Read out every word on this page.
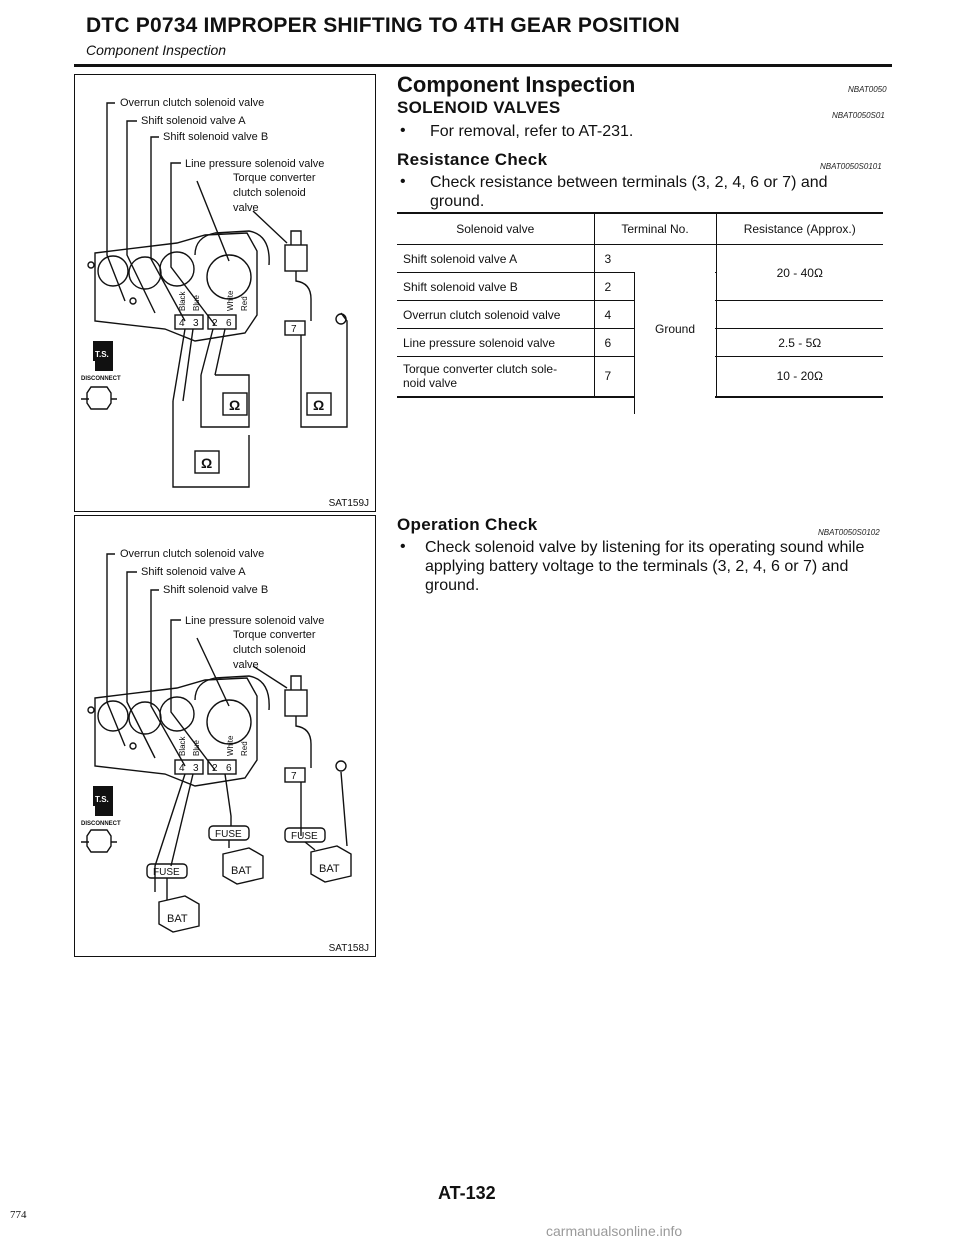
DTC P0734 IMPROPER SHIFTING TO 4TH GEAR POSITION
Component Inspection
Overrun clutch solenoid valve
Shift solenoid valve A
Shift solenoid valve B
Line pressure solenoid valve
Torque converter
clutch solenoid
valve
T.S.
DISCONNECT
Black Blue	White Red
4 3 2 6
7
Ω	Ω
Ω
SAT159J
Overrun clutch solenoid valve
Shift solenoid valve A
Shift solenoid valve B
Line pressure solenoid valve
Torque converter
clutch solenoid
valve
T.S.
DISCONNECT
Black Blue	White Red
4 3 2 6
7
FUSE	FUSE
FUSE	BAT	BAT
BAT
SAT158J
Component Inspection	NBAT0050
SOLENOID VALVES	NBAT0050S01
• For removal, refer to AT-231.
Resistance Check	NBAT0050S0101
• Check resistance between terminals (3, 2, 4, 6 or 7) and
ground.
Solenoid valve	Terminal No.	Resistance (Approx.)
Shift solenoid valve A	3	20 - 40Ω
Shift solenoid valve B	2	
Overrun clutch solenoid valve	4	
Line pressure solenoid valve	6	2.5 - 5Ω

Torque converter clutch sole-
noid valve	7	10 - 20Ω
Ground
Operation Check	NBAT0050S0102
• Check solenoid valve by listening for its operating sound while
applying battery voltage to the terminals (3, 2, 4, 6 or 7) and
ground.
AT-132
774
carmanualsonline.info
